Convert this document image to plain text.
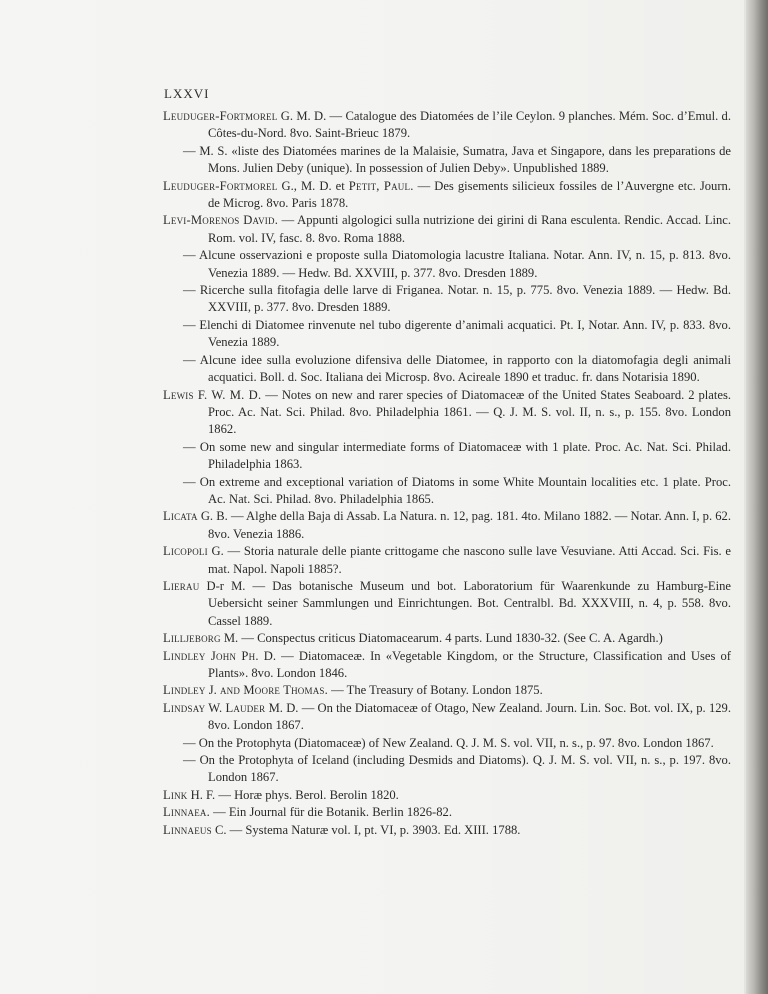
LXXVI

Leuduger-Fortmorel G. M. D. — Catalogue des Diatomées de l’ile Ceylon. 9 planches. Mém. Soc. d’Emul. d. Côtes-du-Nord. 8vo. Saint-Brieuc 1879.

— M. S. «liste des Diatomées marines de la Malaisie, Sumatra, Java et Singapore, dans les preparations de Mons. Julien Deby (unique). In possession of Julien Deby». Unpublished 1889.

Leuduger-Fortmorel G., M. D. et Petit, Paul. — Des gisements silicieux fossiles de l’Auvergne etc. Journ. de Microg. 8vo. Paris 1878.

Levi-Morenos David. — Appunti algologici sulla nutrizione dei girini di Rana esculenta. Rendic. Accad. Linc. Rom. vol. IV, fasc. 8. 8vo. Roma 1888.

— Alcune osservazioni e proposte sulla Diatomologia lacustre Italiana. Notar. Ann. IV, n. 15, p. 813. 8vo. Venezia 1889. — Hedw. Bd. XXVIII, p. 377. 8vo. Dresden 1889.

— Ricerche sulla fitofagia delle larve di Friganea. Notar. n. 15, p. 775. 8vo. Venezia 1889. — Hedw. Bd. XXVIII, p. 377. 8vo. Dresden 1889.

— Elenchi di Diatomee rinvenute nel tubo digerente d’animali acquatici. Pt. I, Notar. Ann. IV, p. 833. 8vo. Venezia 1889.

— Alcune idee sulla evoluzione difensiva delle Diatomee, in rapporto con la diatomofagia degli animali acquatici. Boll. d. Soc. Italiana dei Microsp. 8vo. Acireale 1890 et traduc. fr. dans Notarisia 1890.

Lewis F. W. M. D. — Notes on new and rarer species of Diatomaceæ of the United States Seaboard. 2 plates. Proc. Ac. Nat. Sci. Philad. 8vo. Philadelphia 1861. — Q. J. M. S. vol. II, n. s., p. 155. 8vo. London 1862.

— On some new and singular intermediate forms of Diatomaceæ with 1 plate. Proc. Ac. Nat. Sci. Philad. Philadelphia 1863.

— On extreme and exceptional variation of Diatoms in some White Mountain localities etc. 1 plate. Proc. Ac. Nat. Sci. Philad. 8vo. Philadelphia 1865.

Licata G. B. — Alghe della Baja di Assab. La Natura. n. 12, pag. 181. 4to. Milano 1882. — Notar. Ann. I, p. 62. 8vo. Venezia 1886.

Licopoli G. — Storia naturale delle piante crittogame che nascono sulle lave Vesuviane. Atti Accad. Sci. Fis. e mat. Napol. Napoli 1885?.

Lierau D-r M. — Das botanische Museum und bot. Laboratorium für Waarenkunde zu Hamburg-Eine Uebersicht seiner Sammlungen und Einrichtungen. Bot. Centralbl. Bd. XXXVIII, n. 4, p. 558. 8vo. Cassel 1889.

Lilljeborg M. — Conspectus criticus Diatomacearum. 4 parts. Lund 1830-32. (See C. A. Agardh.)

Lindley John Ph. D. — Diatomaceæ. In «Vegetable Kingdom, or the Structure, Classification and Uses of Plants». 8vo. London 1846.

Lindley J. and Moore Thomas. — The Treasury of Botany. London 1875.

Lindsay W. Lauder M. D. — On the Diatomaceæ of Otago, New Zealand. Journ. Lin. Soc. Bot. vol. IX, p. 129. 8vo. London 1867.

— On the Protophyta (Diatomaceæ) of New Zealand. Q. J. M. S. vol. VII, n. s., p. 97. 8vo. London 1867.

— On the Protophyta of Iceland (including Desmids and Diatoms). Q. J. M. S. vol. VII, n. s., p. 197. 8vo. London 1867.

Link H. F. — Horæ phys. Berol. Berolin 1820.

Linnaea. — Ein Journal für die Botanik. Berlin 1826-82.

Linnaeus C. — Systema Naturæ vol. I, pt. VI, p. 3903. Ed. XIII. 1788.
